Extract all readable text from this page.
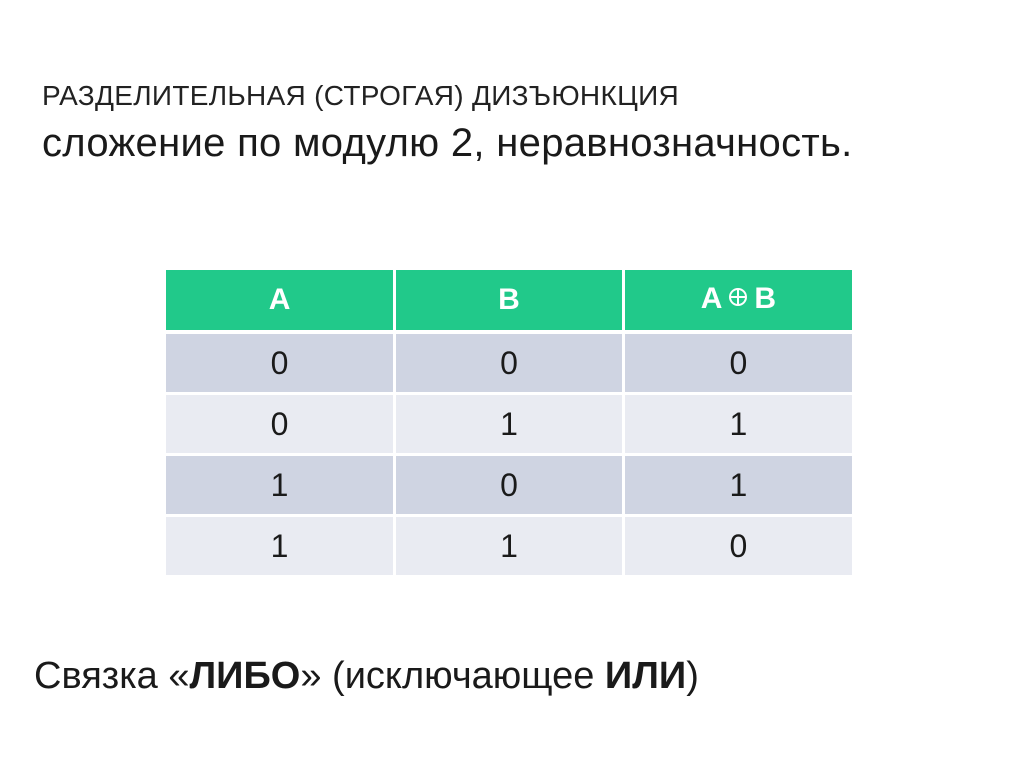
РАЗДЕЛИТЕЛЬНАЯ (СТРОГАЯ) ДИЗЪЮНКЦИЯ
сложение по модулю 2, неравнозначность.
A	B	A B
0	0	0
0	1	1
1	0	1
1	1	0
Связка «ЛИБО» (исключающее ИЛИ)
